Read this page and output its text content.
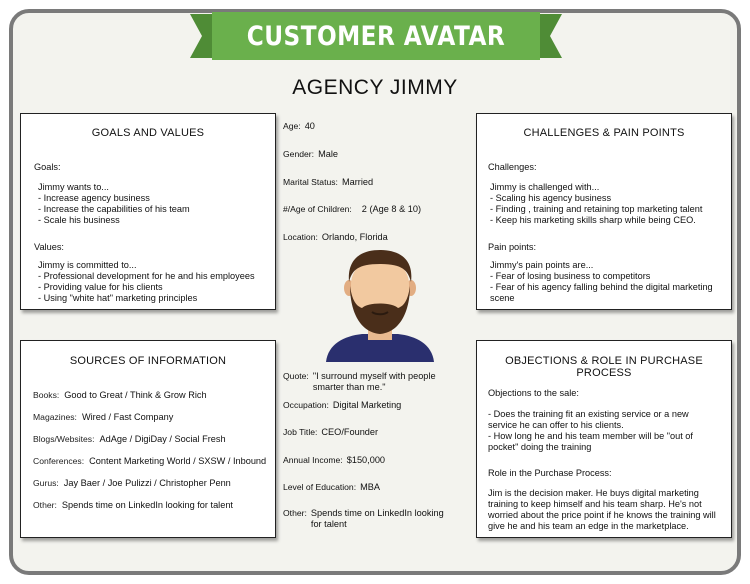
CUSTOMER AVATAR
AGENCY JIMMY
GOALS AND VALUES
Goals:
Jimmy wants to...
- Increase agency business
- Increase the capabilities of his team
- Scale his business
Values:
Jimmy is committed to...
- Professional development for he and his employees
- Providing value for his clients
- Using "white hat" marketing principles
CHALLENGES & PAIN POINTS
Challenges:
Jimmy is challenged with...
- Scaling his agency business
- Finding , training and retaining top marketing talent
- Keep his marketing skills sharp while being CEO.
Pain points:
Jimmy's pain points are...
- Fear of losing business to competitors
- Fear of his agency falling behind the digital marketing
scene
SOURCES OF INFORMATION
Books: Good to Great / Think & Grow Rich
Magazines: Wired / Fast Company
Blogs/Websites: AdAge / DigiDay / Social Fresh
Conferences: Content Marketing World / SXSW / Inbound
Gurus: Jay Baer / Joe Pulizzi / Christopher Penn
Other: Spends time on LinkedIn looking for talent
OBJECTIONS & ROLE IN PURCHASE PROCESS
Objections to the sale:
- Does the training fit an existing service or a new
service he can offer to his clients.
- How long he and his team member will be "out of
pocket" doing the training
Role in the Purchase Process:
Jim is the decision maker. He buys digital marketing
training to keep himself and his team sharp. He's not
worried about the price point if he knows the training will
give he and his team an edge in the marketplace.
Age: 40
Gender: Male
Marital Status: Married
#/Age of Children: 2 (Age 8 & 10)
Location: Orlando, Florida
Quote: "I surround myself with people
smarter than me."
Occupation: Digital Marketing
Job Title: CEO/Founder
Annual Income: $150,000
Level of Education: MBA
Other: Spends time on LinkedIn looking
for talent
